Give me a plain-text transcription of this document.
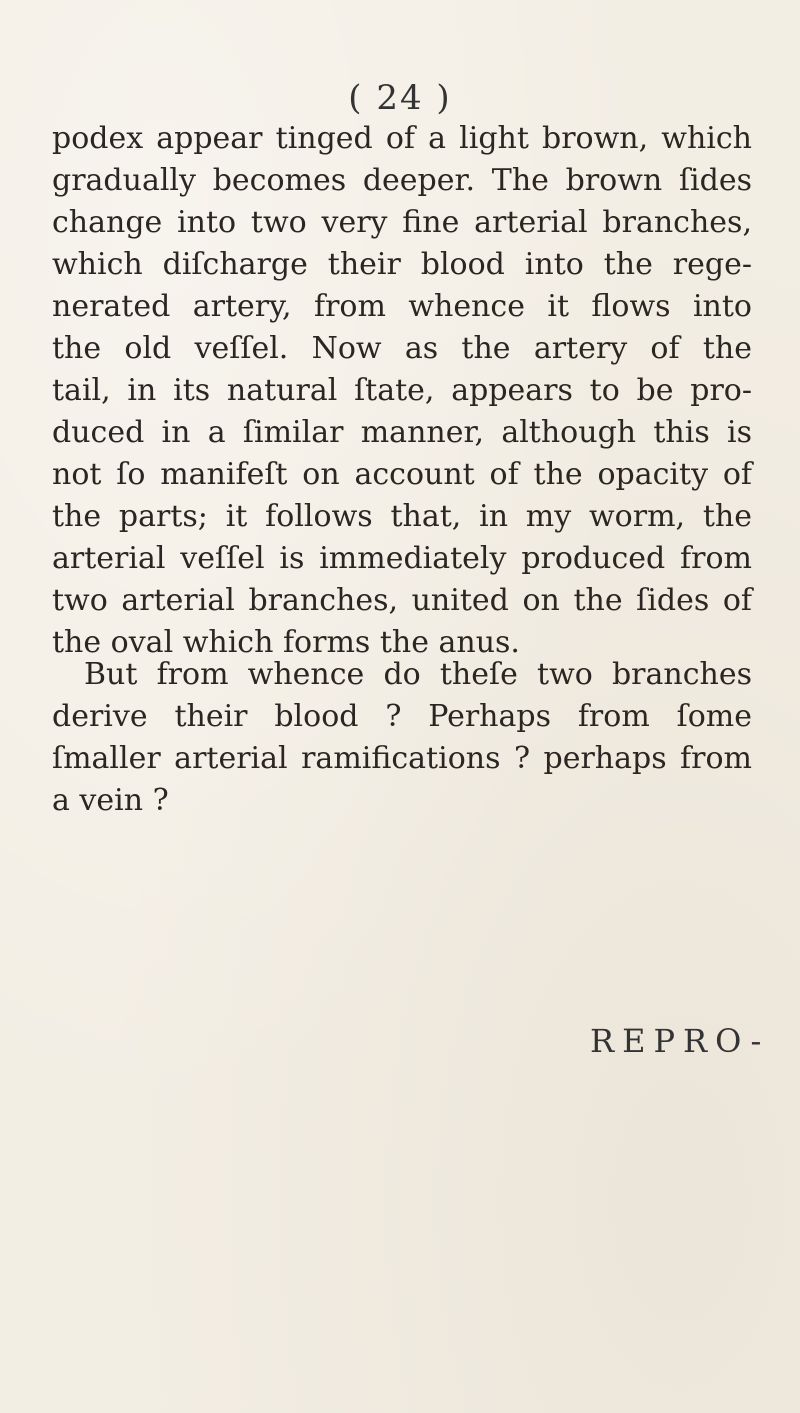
( 24 )
podex appear tinged of a light brown, which
gradually becomes deeper. The brown ſides
change into two very fine arterial branches,
which diſcharge their blood into the rege-
nerated artery, from whence it flows into
the old veſſel. Now as the artery of the
tail, in its natural ſtate, appears to be pro-
duced in a ſimilar manner, although this is
not ſo manifeſt on account of the opacity of
the parts; it follows that, in my worm, the
arterial veſſel is immediately produced from
two arterial branches, united on the ſides of
the oval which forms the anus.
But from whence do theſe two branches
derive their blood ? Perhaps from ſome
ſmaller arterial ramifications ? perhaps from
a vein ?
REPRO-
